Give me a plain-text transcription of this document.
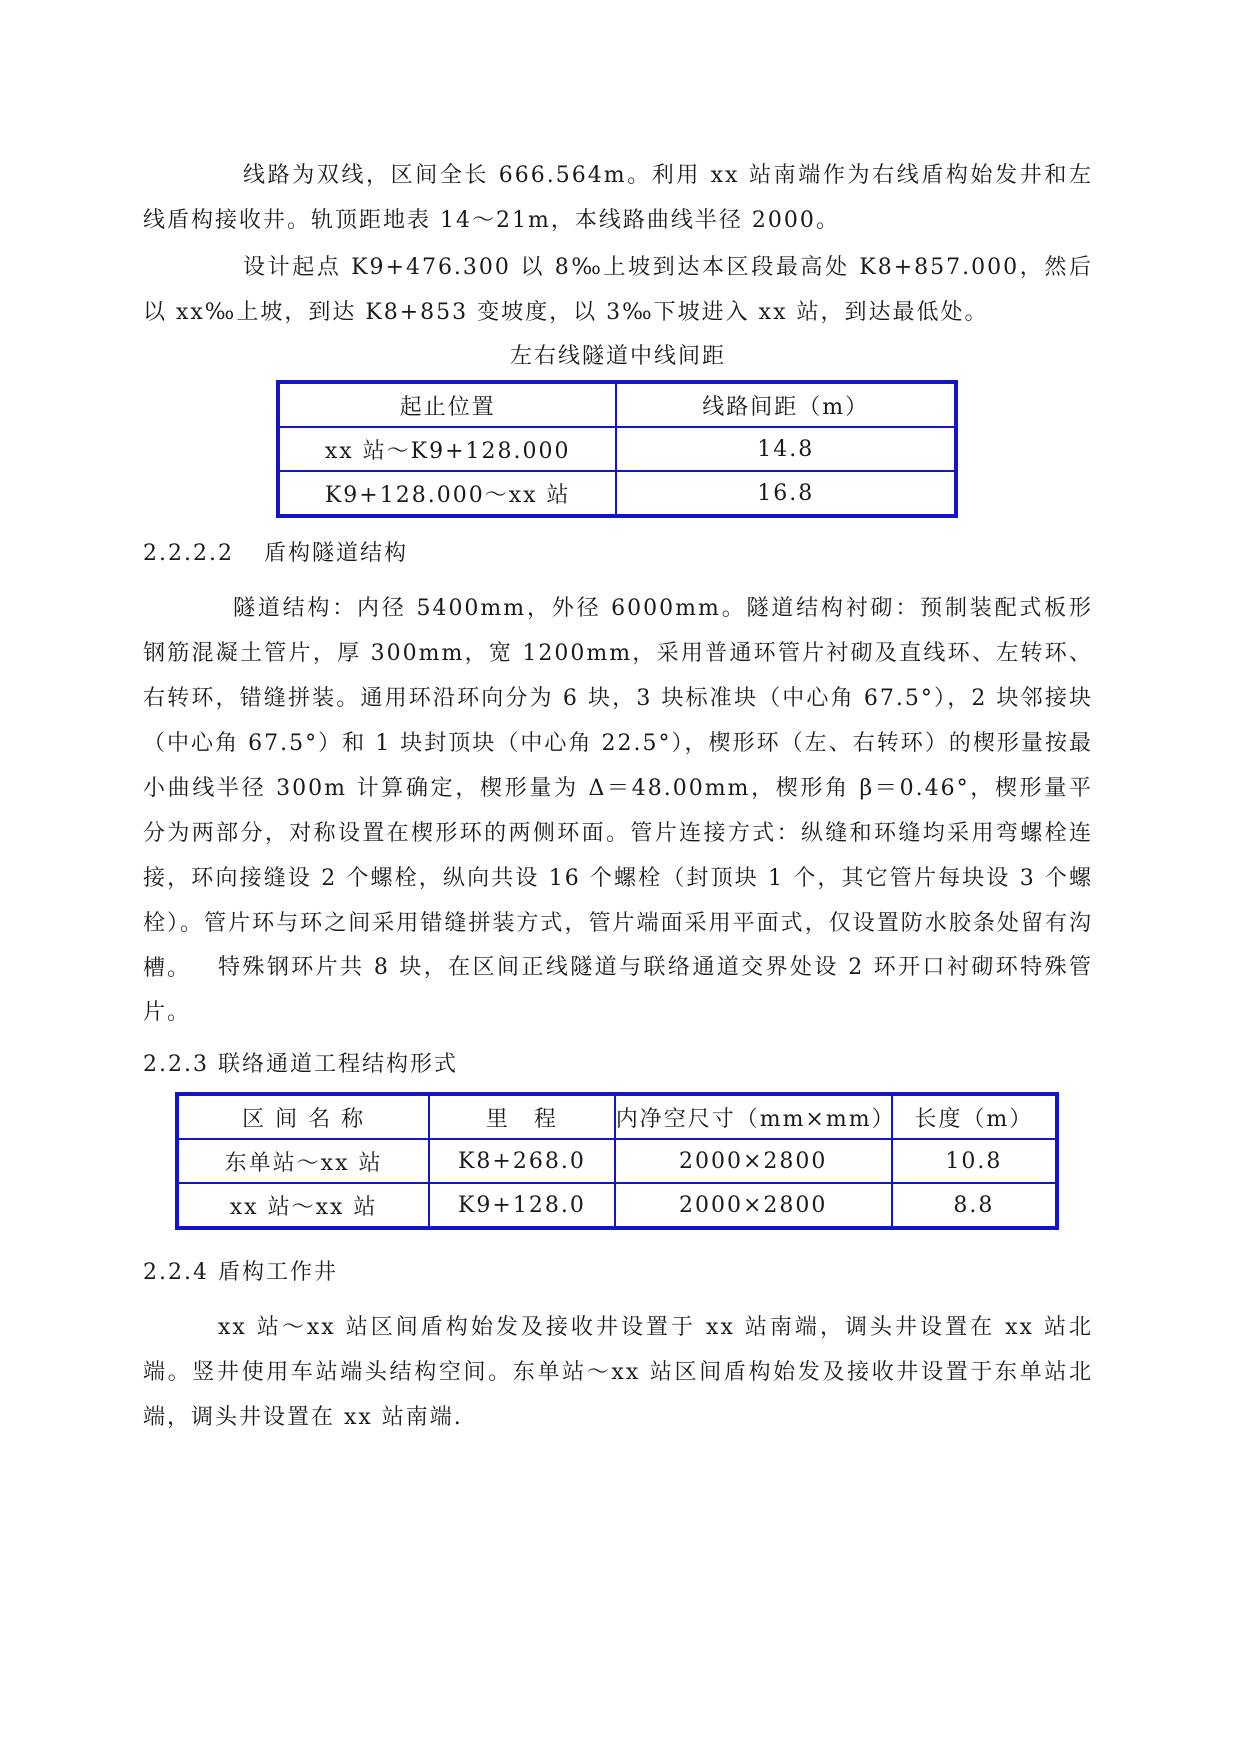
线路为双线，区间全长 666.564m。利用 xx 站南端作为右线盾构始发井和左线盾构接收井。轨顶距地表 14～21m，本线路曲线半径 2000。

设计起点 K9+476.300 以 8‰上坡到达本区段最高处 K8+857.000，然后以 xx‰上坡，到达 K8+853 变坡度，以 3‰下坡进入 xx 站，到达最低处。

左右线隧道中线间距
起止位置	线路间距（m）
xx 站～K9+128.000	14.8
K9+128.000～xx 站	16.8
2.2.2.2 盾构隧道结构

隧道结构：内径 5400mm，外径 6000mm。隧道结构衬砌：预制装配式板形钢筋混凝土管片，厚 300mm，宽 1200mm，采用普通环管片衬砌及直线环、左转环、右转环，错缝拼装。通用环沿环向分为 6 块，3 块标准块（中心角 67.5°），2 块邻接块（中心角 67.5°）和 1 块封顶块（中心角 22.5°），楔形环（左、右转环）的楔形量按最小曲线半径 300m 计算确定，楔形量为 Δ＝48.00mm，楔形角 β＝0.46°，楔形量平分为两部分，对称设置在楔形环的两侧环面。管片连接方式：纵缝和环缝均采用弯螺栓连接，环向接缝设 2 个螺栓，纵向共设 16 个螺栓（封顶块 1 个，其它管片每块设 3 个螺栓）。管片环与环之间采用错缝拼装方式，管片端面采用平面式，仅设置防水胶条处留有沟槽。	特殊钢环片共 8 块，在区间正线隧道与联络通道交界处设 2 环开口衬砌环特殊管片。

2.2.3 联络通道工程结构形式
区 间 名 称	里　程	内净空尺寸（mm×mm）	长度（m）
东单站～xx 站	K8+268.0	2000×2800	10.8
xx 站～xx 站	K9+128.0	2000×2800	8.8
2.2.4 盾构工作井

xx 站～xx 站区间盾构始发及接收井设置于 xx 站南端，调头井设置在 xx 站北端。竖井使用车站端头结构空间。东单站～xx 站区间盾构始发及接收井设置于东单站北端，调头井设置在 xx 站南端.
